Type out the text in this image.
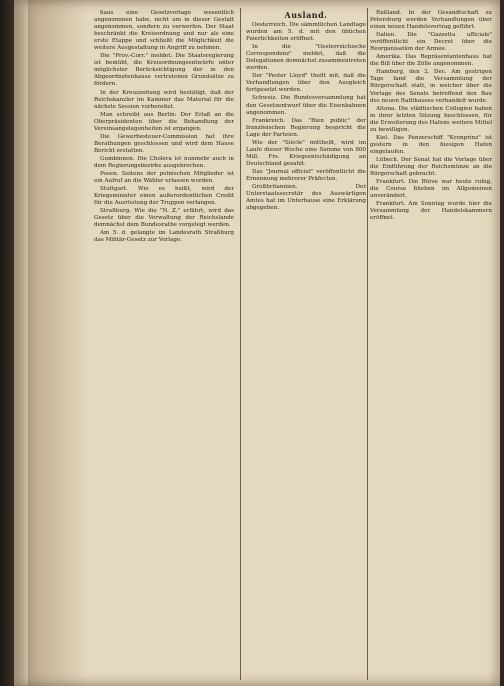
haus eine Gesetzvorlage wesentlich angenommen habe, nicht um in dieser Gestalt angenommen, sondern zu verwerfen. Der Staat beschränkt die Kreisordnung und nur als eine erste Etappe und schließt die Möglichkeit die weitere Ausgestaltung in Angriff zu nehmen.

Die "Prov.-Corr." meldet: Die Staatsregierung ist bemüht, die Kreisordnungsentwürfe unter möglichster Berücksichtigung der in den Abgeordnetenhause vertretenen Grundsätze zu fördern.

In der Kreuzzeitung wird bestätigt, daß der Reichskanzler im Kammer das Material für die nächste Session vorbereitet.

Man schreibt aus Berlin: Der Erlaß an die Oberpräsidenten über die Behandlung der Vereinsangelegenheiten ist ergangen.

Die Gewerbesteuer-Commission hat ihre Berathungen geschlossen und wird dem Hause Bericht erstatten.

Gumbinnen. Die Cholera ist nunmehr auch in dem Regierungsbezirke ausgebrochen.

Posen. Seitens der polnischen Mitglieder ist ein Aufruf an die Wähler erlassen worden.

Stuttgart. Wie es heißt, wird der Kriegsminister einen außerordentlichen Credit für die Ausrüstung der Truppen verlangen.

Straßburg. Wie die "N. Z." erfährt, wird das Gesetz über die Verwaltung der Reichslande demnächst dem Bundesrathe vorgelegt werden.

Am 5. d. gelangte im Landesrath Straßburg das Militär-Gesetz zur Vorlage.

Ausland.

Oesterreich. Die sämmtlichen Landtage wurden am 5. d. mit den üblichen Feierlichkeiten eröffnet.

In die "Oesterreichische Correspondenz" meldet, daß die Delegationen demnächst zusammentreten werden.

Der "Pester Lloyd" theilt mit, daß die Verhandlungen über den Ausgleich fortgesetzt werden.

Schweiz. Die Bundesversammlung hat den Gesetzentwurf über die Eisenbahnen angenommen.

Frankreich. Das "Bien public" der französischen Regierung bespricht die Lage der Parteien.

Wie der "Siècle" mittheilt, wird im Laufe dieser Woche eine Summe von 800 Mill. Frs. Kriegsentschädigung an Deutschland gezahlt.

Das "Journal officiel" veröffentlicht die Ernennung mehrerer Präfecten.

Großbritannien. Der Unterstaatssecretär des Auswärtigen Amtes hat im Unterhause eine Erklärung abgegeben.

Rußland. In der Gesandtschaft zu Petersburg werden Verhandlungen über einen neuen Handelsvertrag geführt.

Italien. Die "Gazzetta ufficiale" veröffentlicht ein Decret über die Reorganisation der Armee.

Amerika. Das Repräsentantenhaus hat die Bill über die Zölle angenommen.

Hamburg, den 2. Dec. Am gestrigen Tage fand die Versammlung der Bürgerschaft statt, in welcher über die Vorlage des Senats betreffend den Bau des neuen Rathhauses verhandelt wurde.

Altona. Die städtischen Collegien haben in ihrer letzten Sitzung beschlossen, für die Erweiterung des Hafens weitere Mittel zu bewilligen.

Kiel. Das Panzerschiff "Kronprinz" ist gestern in den hiesigen Hafen eingelaufen.

Lübeck. Der Senat hat die Vorlage über die Einführung der Reichsmünze an die Bürgerschaft gebracht.

Frankfurt. Die Börse war heute ruhig, die Course blieben im Allgemeinen unverändert.

Frankfurt. Am Sonntag wurde hier die Versammlung der Handelskammern eröffnet.
